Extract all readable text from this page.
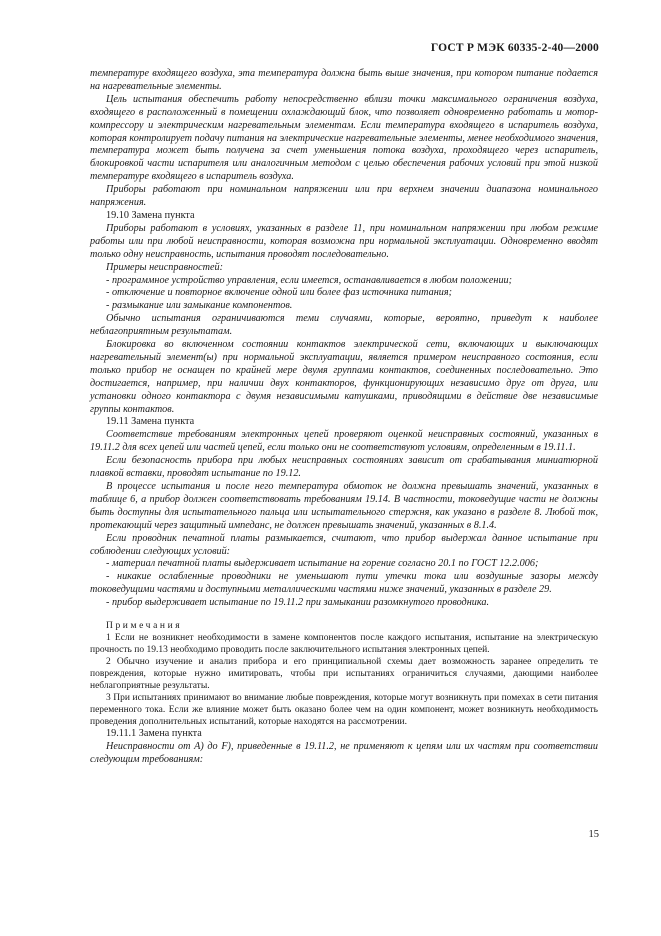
ГОСТ Р МЭК 60335-2-40—2000

температуре входящего воздуха, эта температура должна быть выше значения, при котором питание подается на нагревательные элементы.

Цель испытания обеспечить работу непосредственно вблизи точки максимального ограничения воздуха, входящего в расположенный в помещении охлаждающий блок, что позволяет одновременно работать и мотор-компрессору и электрическим нагревательным элементам. Если температура входящего в испаритель воздуха, которая контролирует подачу питания на электрические нагревательные элементы, менее необходимого значения, температура может быть получена за счет уменьшения потока воздуха, проходящего через испаритель, блокировкой части испарителя или аналогичным методом с целью обеспечения рабочих условий при этой низкой температуре входящего в испаритель воздуха.

Приборы работают при номинальном напряжении или при верхнем значении диапазона номинального напряжения.

19.10 Замена пункта

Приборы работают в условиях, указанных в разделе 11, при номинальном напряжении при любом режиме работы или при любой неисправности, которая возможна при нормальной эксплуатации. Одновременно вводят только одну неисправность, испытания проводят последовательно.

Примеры неисправностей:

- программное устройство управления, если имеется, останавливается в любом положении;

- отключение и повторное включение одной или более фаз источника питания;

- размыкание или замыкание компонентов.

Обычно испытания ограничиваются теми случаями, которые, вероятно, приведут к наиболее неблагоприятным результатам.

Блокировка во включенном состоянии контактов электрической сети, включающих и выключающих нагревательный элемент(ы) при нормальной эксплуатации, является примером неисправного состояния, если только прибор не оснащен по крайней мере двумя группами контактов, соединенных последовательно. Это достигается, например, при наличии двух контакторов, функционирующих независимо друг от друга, или установки одного контактора с двумя независимыми катушками, приводящими в действие две независимые группы контактов.

19.11 Замена пункта

Соответствие требованиям электронных цепей проверяют оценкой неисправных состояний, указанных в 19.11.2 для всех цепей или частей цепей, если только они не соответствуют условиям, определенным в 19.11.1.

Если безопасность прибора при любых неисправных состояниях зависит от срабатывания миниатюрной плавкой вставки, проводят испытание по 19.12.

В процессе испытания и после него температура обмоток не должна превышать значений, указанных в таблице 6, а прибор должен соответствовать требованиям 19.14. В частности, токоведущие части не должны быть доступны для испытательного пальца или испытательного стержня, как указано в разделе 8. Любой ток, протекающий через защитный импеданс, не должен превышать значений, указанных в 8.1.4.

Если проводник печатной платы размыкается, считают, что прибор выдержал данное испытание при соблюдении следующих условий:

- материал печатной платы выдерживает испытание на горение согласно 20.1 по ГОСТ 12.2.006;

- никакие ослабленные проводники не уменьшают пути утечки тока или воздушные зазоры между токоведущими частями и доступными металлическими частями ниже значений, указанных в разделе 29.

- прибор выдерживает испытание по 19.11.2 при замыкании разомкнутого проводника.

Примечания

1 Если не возникнет необходимости в замене компонентов после каждого испытания, испытание на электрическую прочность по 19.13 необходимо проводить после заключительного испытания электронных цепей.

2 Обычно изучение и анализ прибора и его принципиальной схемы дает возможность заранее определить те повреждения, которые нужно имитировать, чтобы при испытаниях ограничиться случаями, дающими наиболее неблагоприятные результаты.

3 При испытаниях принимают во внимание любые повреждения, которые могут возникнуть при помехах в сети питания переменного тока. Если же влияние может быть оказано более чем на один компонент, может возникнуть необходимость проведения дополнительных испытаний, которые находятся на рассмотрении.

19.11.1 Замена пункта

Неисправности от А) до F), приведенные в 19.11.2, не применяют к цепям или их частям при соответствии следующим требованиям:

15
